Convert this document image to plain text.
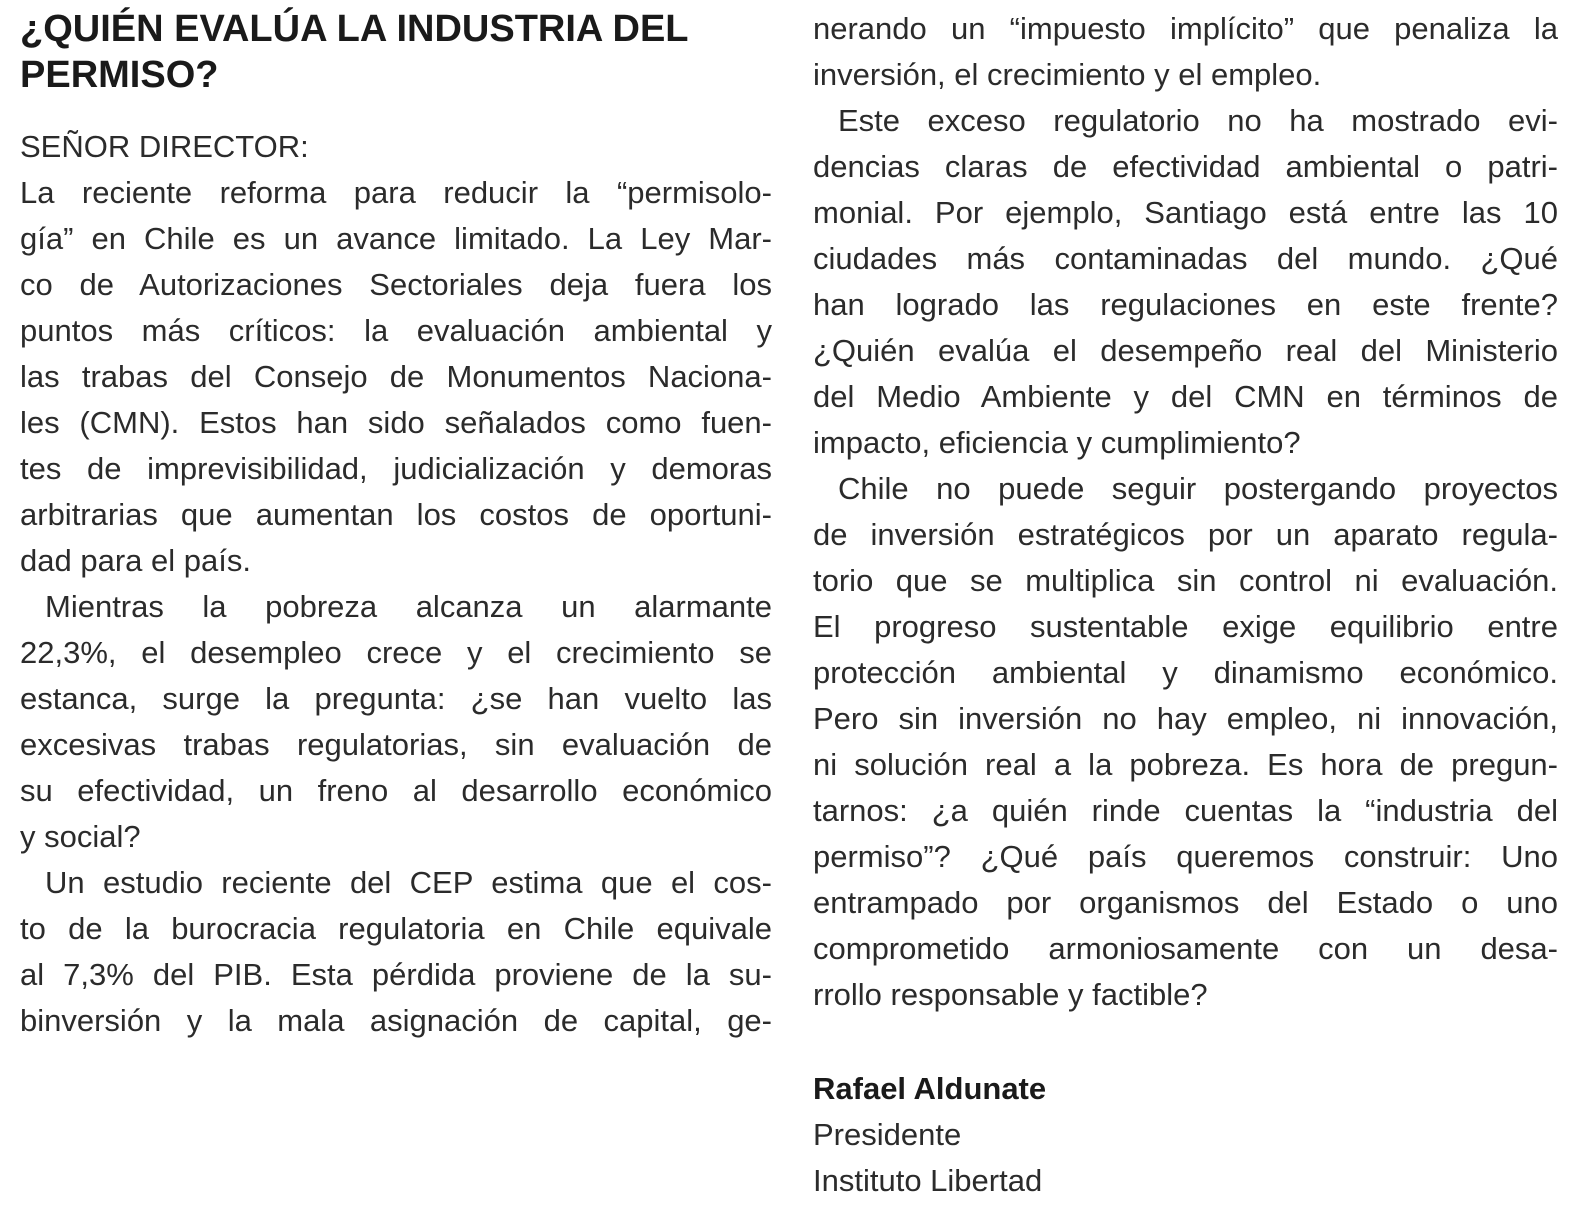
¿QUIÉN EVALÚA LA INDUSTRIA DEL
PERMISO?
SEÑOR DIRECTOR:
La reciente reforma para reducir la “permisolo-
gía” en Chile es un avance limitado. La Ley Mar-
co de Autorizaciones Sectoriales deja fuera los
puntos más críticos: la evaluación ambiental y
las trabas del Consejo de Monumentos Naciona-
les (CMN). Estos han sido señalados como fuen-
tes de imprevisibilidad, judicialización y demoras
arbitrarias que aumentan los costos de oportuni-
dad para el país.
Mientras la pobreza alcanza un alarmante
22,3%, el desempleo crece y el crecimiento se
estanca, surge la pregunta: ¿se han vuelto las
excesivas trabas regulatorias, sin evaluación de
su efectividad, un freno al desarrollo económico
y social?
Un estudio reciente del CEP estima que el cos-
to de la burocracia regulatoria en Chile equivale
al 7,3% del PIB. Esta pérdida proviene de la su-
binversión y la mala asignación de capital, ge-
nerando un “impuesto implícito” que penaliza la
inversión, el crecimiento y el empleo.
Este exceso regulatorio no ha mostrado evi-
dencias claras de efectividad ambiental o patri-
monial. Por ejemplo, Santiago está entre las 10
ciudades más contaminadas del mundo. ¿Qué
han logrado las regulaciones en este frente?
¿Quién evalúa el desempeño real del Ministerio
del Medio Ambiente y del CMN en términos de
impacto, eficiencia y cumplimiento?
Chile no puede seguir postergando proyectos
de inversión estratégicos por un aparato regula-
torio que se multiplica sin control ni evaluación.
El progreso sustentable exige equilibrio entre
protección ambiental y dinamismo económico.
Pero sin inversión no hay empleo, ni innovación,
ni solución real a la pobreza. Es hora de pregun-
tarnos: ¿a quién rinde cuentas la “industria del
permiso”? ¿Qué país queremos construir: Uno
entrampado por organismos del Estado o uno
comprometido armoniosamente con un desa-
rrollo responsable y factible?
Rafael Aldunate
Presidente
Instituto Libertad
